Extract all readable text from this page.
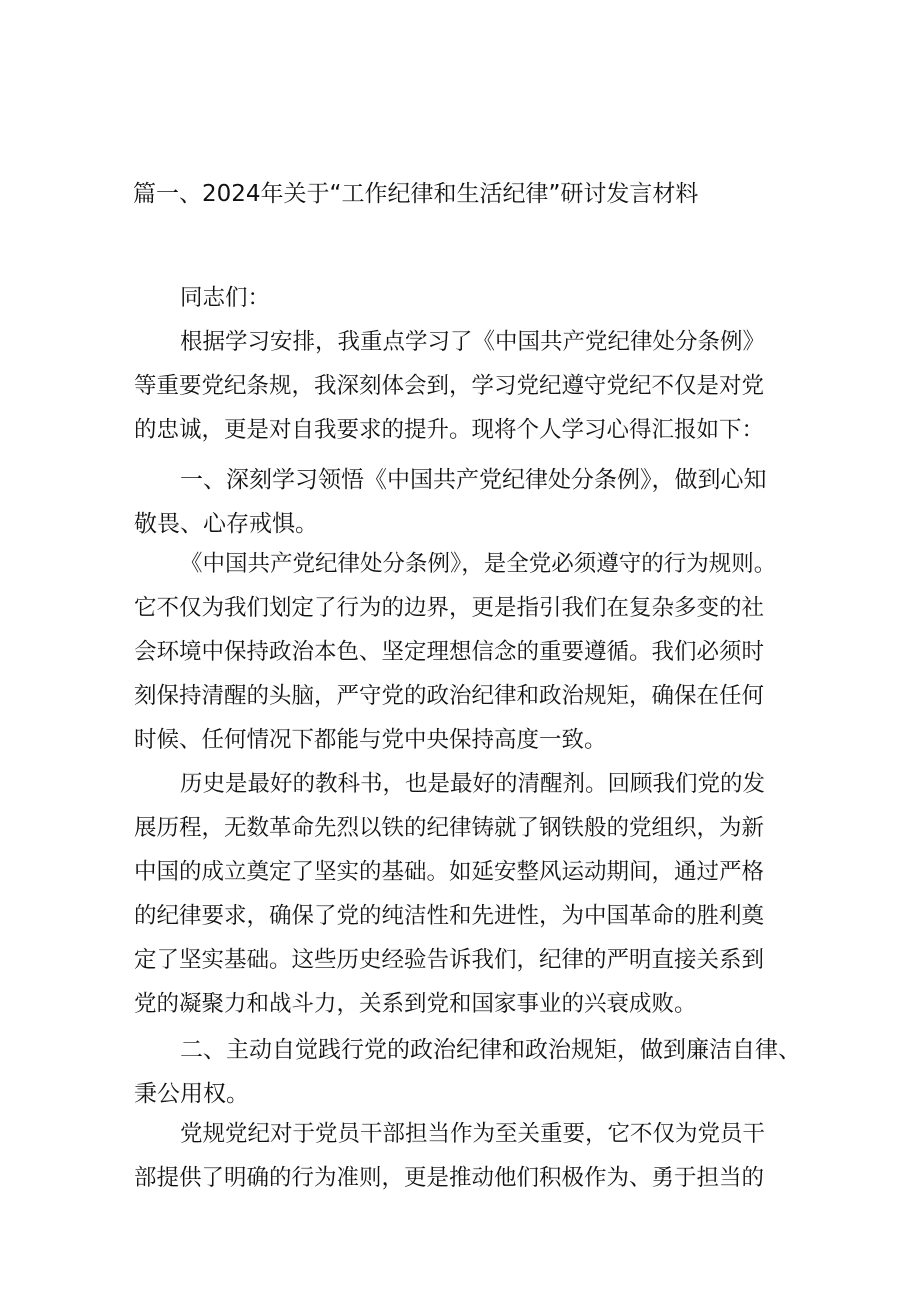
篇一、2024年关于“工作纪律和生活纪律”研讨发言材料
同志们：
根据学习安排，我重点学习了《中国共产党纪律处分条例》
等重要党纪条规，我深刻体会到，学习党纪遵守党纪不仅是对党
的忠诚，更是对自我要求的提升。现将个人学习心得汇报如下：
一、深刻学习领悟《中国共产党纪律处分条例》，做到心知
敬畏、心存戒惧。
《中国共产党纪律处分条例》，是全党必须遵守的行为规则。
它不仅为我们划定了行为的边界，更是指引我们在复杂多变的社
会环境中保持政治本色、坚定理想信念的重要遵循。我们必须时
刻保持清醒的头脑，严守党的政治纪律和政治规矩，确保在任何
时候、任何情况下都能与党中央保持高度一致。
历史是最好的教科书，也是最好的清醒剂。回顾我们党的发
展历程，无数革命先烈以铁的纪律铸就了钢铁般的党组织，为新
中国的成立奠定了坚实的基础。如延安整风运动期间，通过严格
的纪律要求，确保了党的纯洁性和先进性，为中国革命的胜利奠
定了坚实基础。这些历史经验告诉我们，纪律的严明直接关系到
党的凝聚力和战斗力，关系到党和国家事业的兴衰成败。
二、主动自觉践行党的政治纪律和政治规矩，做到廉洁自律、
秉公用权。
党规党纪对于党员干部担当作为至关重要，它不仅为党员干
部提供了明确的行为准则，更是推动他们积极作为、勇于担当的
